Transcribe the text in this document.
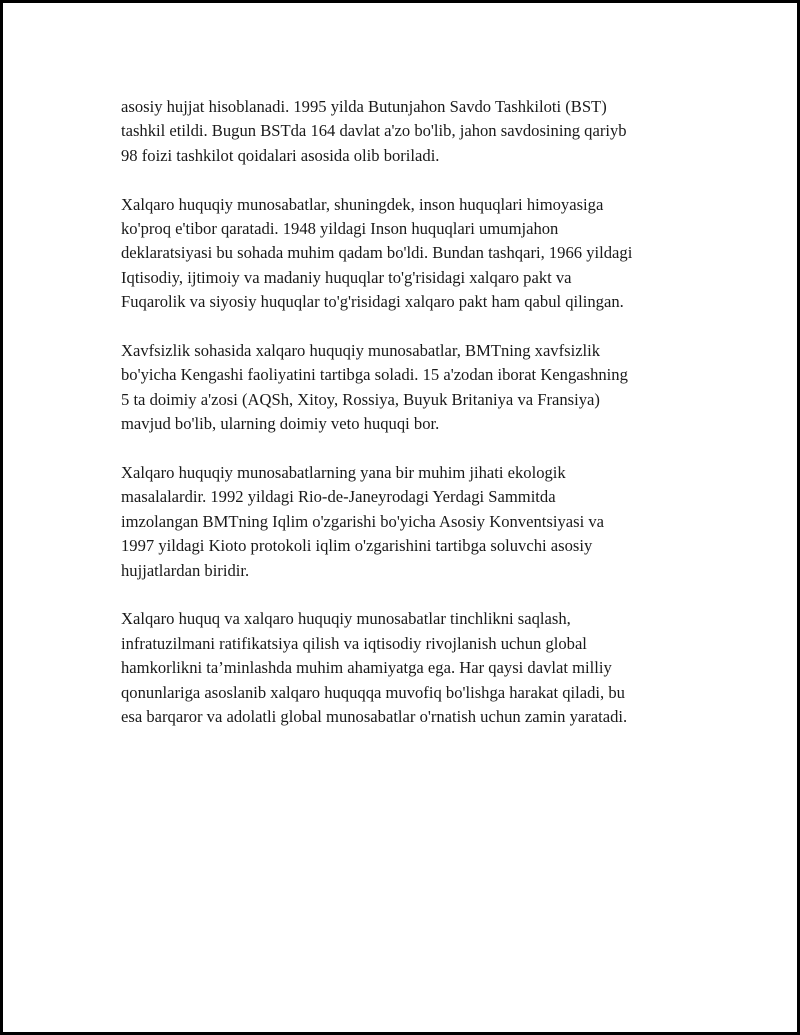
asosiy hujjat hisoblanadi. 1995 yilda Butunjahon Savdo Tashkiloti (BST)
tashkil etildi. Bugun BSTda 164 davlat a'zo bo'lib, jahon savdosining qariyb
98 foizi tashkilot qoidalari asosida olib boriladi.

Xalqaro huquqiy munosabatlar, shuningdek, inson huquqlari himoyasiga
ko'proq e'tibor qaratadi. 1948 yildagi Inson huquqlari umumjahon
deklaratsiyasi bu sohada muhim qadam bo'ldi. Bundan tashqari, 1966 yildagi
Iqtisodiy, ijtimoiy va madaniy huquqlar to'g'risidagi xalqaro pakt va
Fuqarolik va siyosiy huquqlar to'g'risidagi xalqaro pakt ham qabul qilingan.

Xavfsizlik sohasida xalqaro huquqiy munosabatlar, BMTning xavfsizlik
bo'yicha Kengashi faoliyatini tartibga soladi. 15 a'zodan iborat Kengashning
5 ta doimiy a'zosi (AQSh, Xitoy, Rossiya, Buyuk Britaniya va Fransiya)
mavjud bo'lib, ularning doimiy veto huquqi bor.

Xalqaro huquqiy munosabatlarning yana bir muhim jihati ekologik
masalalardir. 1992 yildagi Rio-de-Janeyrodagi Yerdagi Sammitda
imzolangan BMTning Iqlim o'zgarishi bo'yicha Asosiy Konventsiyasi va
1997 yildagi Kioto protokoli iqlim o'zgarishini tartibga soluvchi asosiy
hujjatlardan biridir.

Xalqaro huquq va xalqaro huquqiy munosabatlar tinchlikni saqlash,
infratuzilmani ratifikatsiya qilish va iqtisodiy rivojlanish uchun global
hamkorlikni ta’minlashda muhim ahamiyatga ega. Har qaysi davlat milliy
qonunlariga asoslanib xalqaro huquqqa muvofiq bo'lishga harakat qiladi, bu
esa barqaror va adolatli global munosabatlar o'rnatish uchun zamin yaratadi.
